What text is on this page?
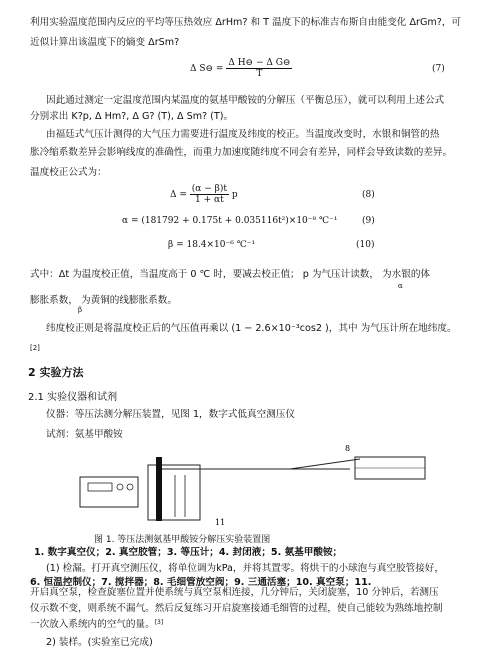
利用实验温度范围内反应的平均等压热效应 ΔrHm? 和 T 温度下的标准吉布斯自由能变化 ΔrGm?，可
近似计算出该温度下的熵变 ΔrSm?
Δ S⊖ = $\frac{\text{Δ H⊖ − Δ G⊖}}{T}$	(7)
因此通过测定一定温度范围内某温度的氨基甲酸铵的分解压（平衡总压），就可以利用上述公式
分别求出 K?p, Δ Hm?, Δ G? (T), Δ Sm? (T)。
由福廷式气压计测得的大气压力需要进行温度及纬度的校正。当温度改变时，水银和铜管的热
胀冷缩系数差异会影响线度的准确性，而重力加速度随纬度不同会有差异，同样会导致读数的差异。
温度校正公式为：
$\Delta = \frac{(\alpha - \beta)t}{1 + \alpha t}$ p	(8)
α = (181792 + 0.175t + 0.035116t²)×10⁻⁸ ℃⁻¹	(9)
β = 18.4×10⁻⁶ ℃⁻¹	(10)
式中：Δt 为温度校正值，当温度高于 0 ℃ 时，要减去校正值； p 为气压计读数， 为水银的体
膨胀系数， 为黄铜的线膨胀系数。
α
β
纬度校正则是将温度校正后的气压值再乘以 (1 − 2.6×10⁻³cos2 )，其中 为气压计所在地纬度。
[2]
2 实验方法
2.1 实验仪器和试剂
仪器：等压法测分解压装置，见图 1，数字式低真空测压仪
试剂：氨基甲酸铵
8
11
图 1. 等压法测氨基甲酸铵分解压实验装置图
1. 数字真空仪；2. 真空胶管；3. 等压计；4. 封闭液；5. 氨基甲酸铵；
6. 恒温控制仪；7. 搅拌器；8. 毛细管放空阀；9. 三通活塞；10. 真空泵；11.
(1) 检漏。打开真空测压仪，将单位调为kPa，并将其置零。将烘干的小球泡与真空胶管接好，
开启真空泵，检查旋塞位置并使系统与真空泵相连接，几分钟后，关闭旋塞，10 分钟后，若测压
仪示数不变，则系统不漏气。然后反复练习开启旋塞接通毛细管的过程，使自己能较为熟练地控制
一次放入系统内的空气的量。[3]
2) 装样。(实验室已完成)
